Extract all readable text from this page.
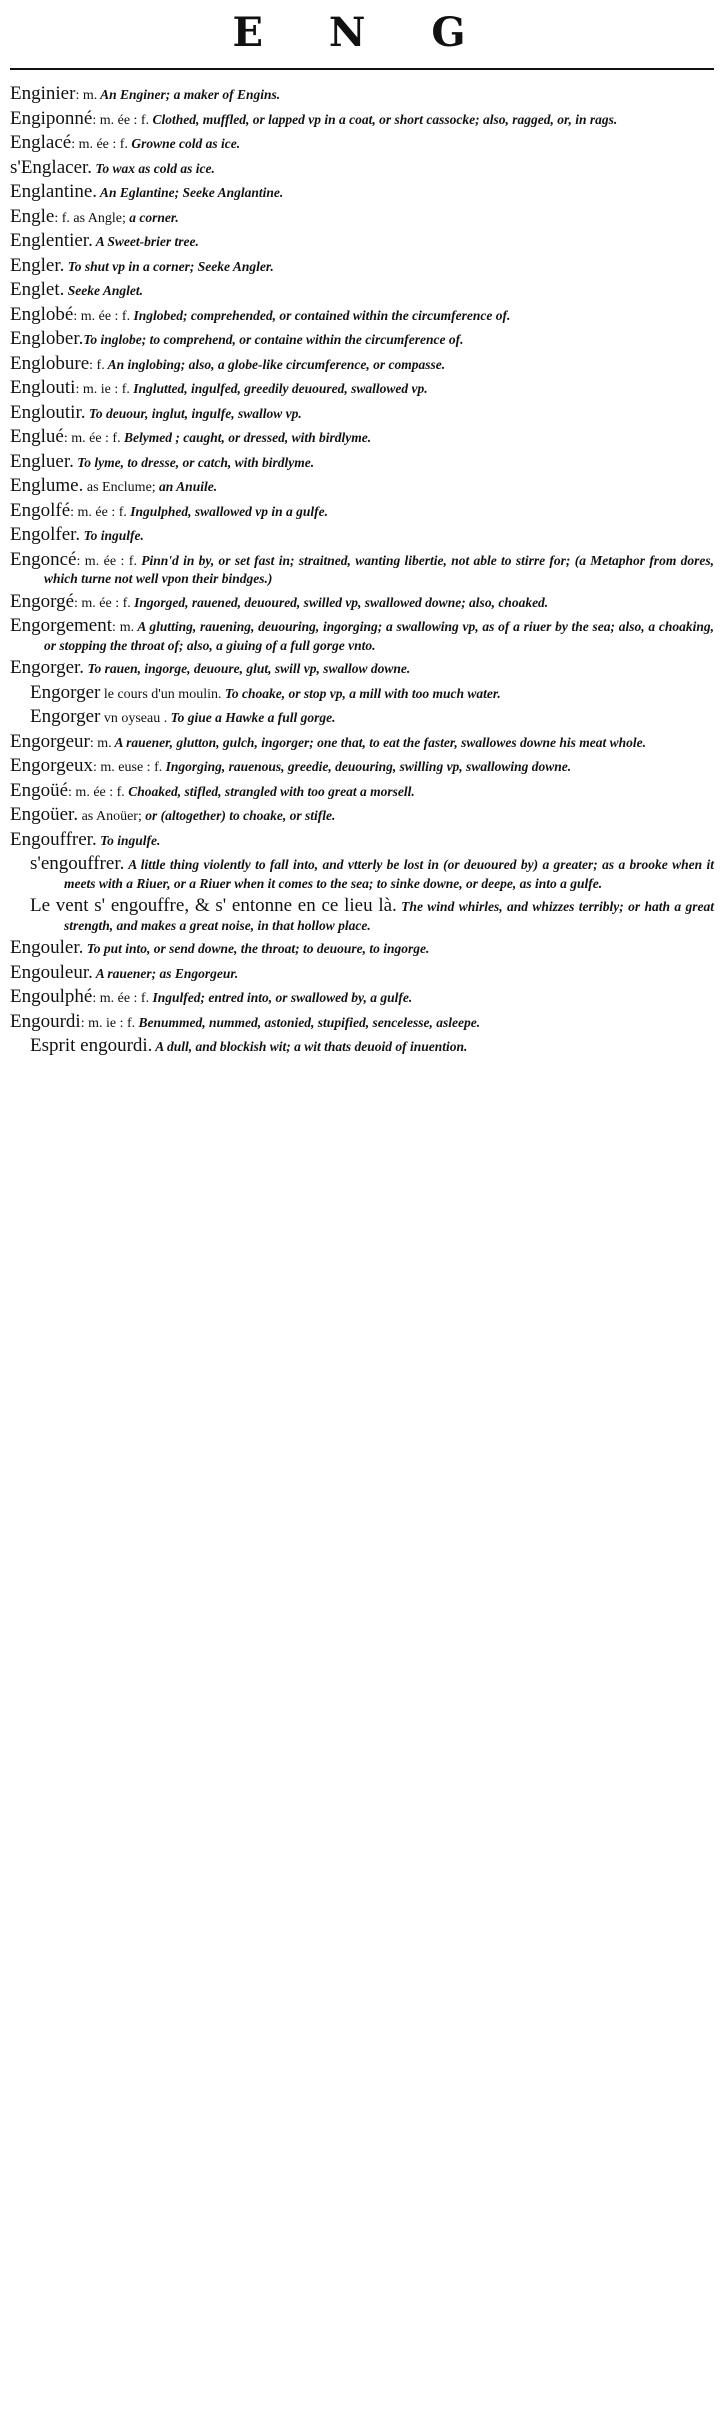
E N G

Enginier: m. An Enginer; a maker of Engins.

Engiponné: m. ée : f. Clothed, muffled, or lapped vp in a coat, or short cassocke; also, ragged, or, in rags.

Englacé: m. ée : f. Growne cold as ice.

s'Englacer. To wax as cold as ice.

Englantine. An Eglantine; Seeke Anglantine.

Engle: f. as Angle; a corner.

Englentier. A Sweet-brier tree.

Engler. To shut vp in a corner; Seeke Angler.

Englet. Seeke Anglet.

Englobé: m. ée : f. Inglobed; comprehended, or contained within the circumference of.

Englober.To inglobe; to comprehend, or containe within the circumference of.

Englobure: f. An inglobing; also, a globe-like circumference, or compasse.

Englouti: m. ie : f. Inglutted, ingulfed, greedily deuoured, swallowed vp.

Engloutir. To deuour, inglut, ingulfe, swallow vp.

Englué: m. ée : f. Belymed ; caught, or dressed, with birdlyme.

Engluer. To lyme, to dresse, or catch, with birdlyme.

Englume. as Enclume; an Anuile.

Engolfé: m. ée : f. Ingulphed, swallowed vp in a gulfe.

Engolfer. To ingulfe.

Engoncé: m. ée : f. Pinn'd in by, or set fast in; straitned, wanting libertie, not able to stirre for; (a Metaphor from dores, which turne not well vpon their bindges.)

Engorgé: m. ée : f. Ingorged, rauened, deuoured, swilled vp, swallowed downe; also, choaked.

Engorgement: m. A glutting, rauening, deuouring, ingorging; a swallowing vp, as of a riuer by the sea; also, a choaking, or stopping the throat of; also, a giuing of a full gorge vnto.

Engorger. To rauen, ingorge, deuoure, glut, swill vp, swallow downe.

Engorger le cours d'un moulin. To choake, or stop vp, a mill with too much water.

Engorger vn oyseau . To giue a Hawke a full gorge.

Engorgeur: m. A rauener, glutton, gulch, ingorger; one that, to eat the faster, swallowes downe his meat whole.

Engorgeux: m. euse : f. Ingorging, rauenous, greedie, deuouring, swilling vp, swallowing downe.

Engoüé: m. ée : f. Choaked, stifled, strangled with too great a morsell.

Engoüer. as Anoüer; or (altogether) to choake, or stifle.

Engouffrer. To ingulfe.

s'engouffrer. A little thing violently to fall into, and vtterly be lost in (or deuoured by) a greater; as a brooke when it meets with a Riuer, or a Riuer when it comes to the sea; to sinke downe, or deepe, as into a gulfe.

Le vent s' engouffre, & s' entonne en ce lieu là. The wind whirles, and whizzes terribly; or hath a great strength, and makes a great noise, in that hollow place.

Engouler. To put into, or send downe, the throat; to deuoure, to ingorge.

Engouleur. A rauener; as Engorgeur.

Engoulphé: m. ée : f. Ingulfed; entred into, or swallowed by, a gulfe.

Engourdi: m. ie : f. Benummed, nummed, astonied, stupified, sencelesse, asleepe.

Esprit engourdi. A dull, and blockish wit; a wit thats deuoid of inuention.
